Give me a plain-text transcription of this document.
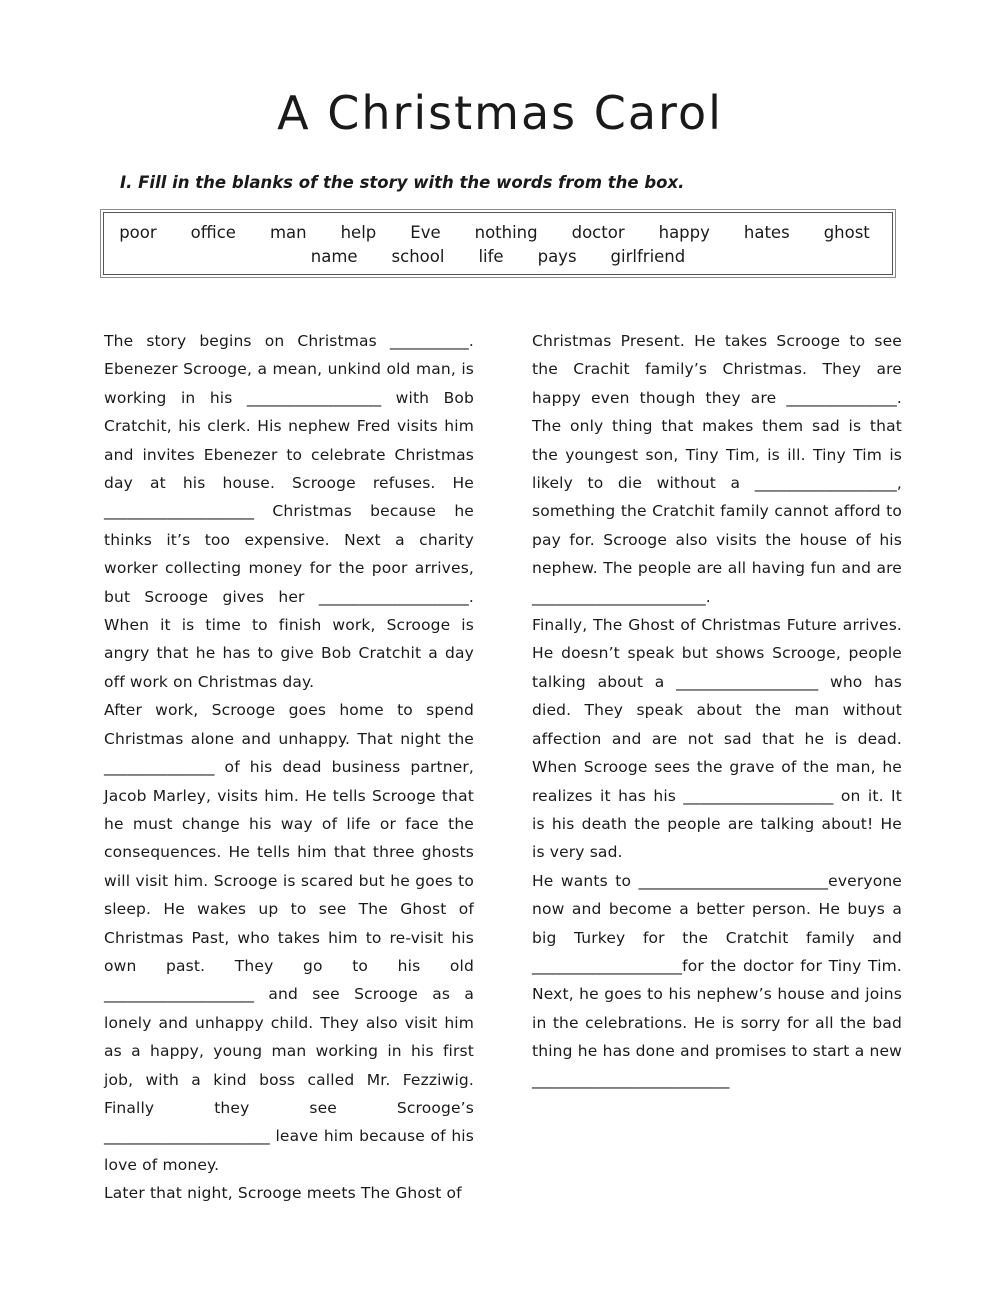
A Christmas Carol

I. Fill in the blanks of the story with the words from the box.

poor office man help Eve nothing doctor happy hates ghost
name school life pays girlfriend

The story begins on Christmas __________. Ebenezer Scrooge, a mean, unkind old man, is working in his _________________ with Bob Cratchit, his clerk. His nephew Fred visits him and invites Ebenezer to celebrate Christmas day at his house. Scrooge refuses. He ___________________ Christmas because he thinks it’s too expensive. Next a charity worker collecting money for the poor arrives, but Scrooge gives her ___________________. When it is time to finish work, Scrooge is angry that he has to give Bob Cratchit a day off work on Christmas day.

After work, Scrooge goes home to spend Christmas alone and unhappy. That night the ______________ of his dead business partner, Jacob Marley, visits him. He tells Scrooge that he must change his way of life or face the consequences. He tells him that three ghosts will visit him. Scrooge is scared but he goes to sleep. He wakes up to see The Ghost of Christmas Past, who takes him to re-visit his own past. They go to his old ___________________ and see Scrooge as a lonely and unhappy child. They also visit him as a happy, young man working in his first job, with a kind boss called Mr. Fezziwig. Finally they see Scrooge’s _____________________ leave him because of his love of money.

Later that night, Scrooge meets The Ghost of

Christmas Present. He takes Scrooge to see the Crachit family’s Christmas. They are happy even though they are ______________. The only thing that makes them sad is that the youngest son, Tiny Tim, is ill. Tiny Tim is likely to die without a __________________, something the Cratchit family cannot afford to pay for. Scrooge also visits the house of his nephew. The people are all having fun and are

______________________.

Finally, The Ghost of Christmas Future arrives. He doesn’t speak but shows Scrooge, people talking about a __________________ who has died. They speak about the man without affection and are not sad that he is dead. When Scrooge sees the grave of the man, he realizes it has his ___________________ on it. It is his death the people are talking about! He is very sad.

He wants to ________________________everyone now and become a better person. He buys a big Turkey for the Cratchit family and ___________________for the doctor for Tiny Tim. Next, he goes to his nephew’s house and joins in the celebrations. He is sorry for all the bad thing he has done and promises to start a new _________________________
